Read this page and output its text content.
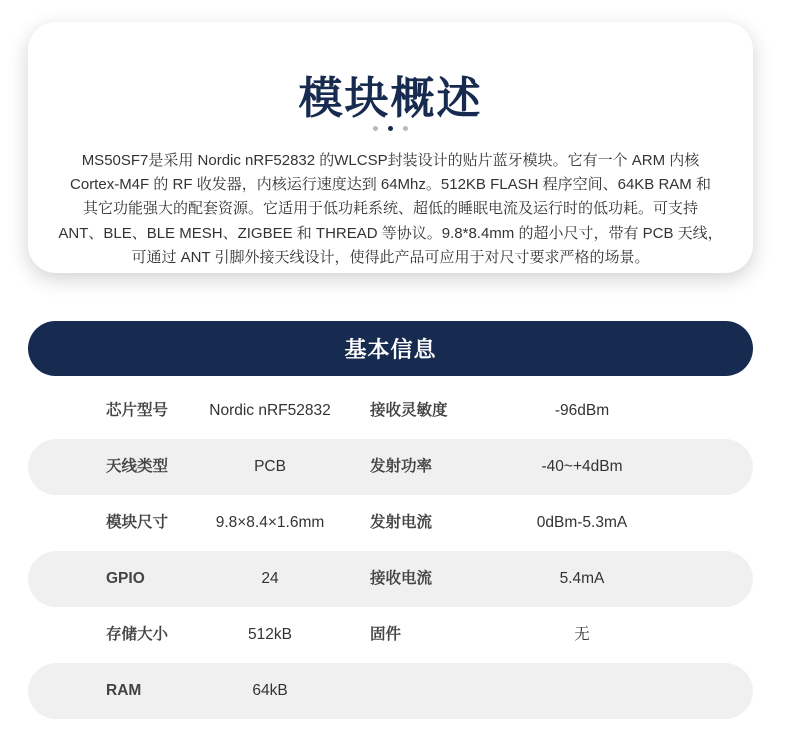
模块概述
MS50SF7是采用 Nordic nRF52832 的WLCSP封装设计的贴片蓝牙模块。它有一个 ARM 内核
Cortex-M4F 的 RF 收发器，内核运行速度达到 64Mhz。512KB FLASH 程序空间、64KB RAM 和
其它功能强大的配套资源。它适用于低功耗系统、超低的睡眠电流及运行时的低功耗。可支持
ANT、BLE、BLE MESH、ZIGBEE 和 THREAD 等协议。9.8*8.4mm 的超小尺寸，带有 PCB 天线，
可通过 ANT 引脚外接天线设计，使得此产品可应用于对尺寸要求严格的场景。
基本信息
芯片型号	Nordic nRF52832	接收灵敏度	-96dBm
天线类型	PCB	发射功率	-40~+4dBm
模块尺寸	9.8×8.4×1.6mm	发射电流	0dBm-5.3mA
GPIO	24	接收电流	5.4mA
存储大小	512kB	固件	无
RAM	64kB
